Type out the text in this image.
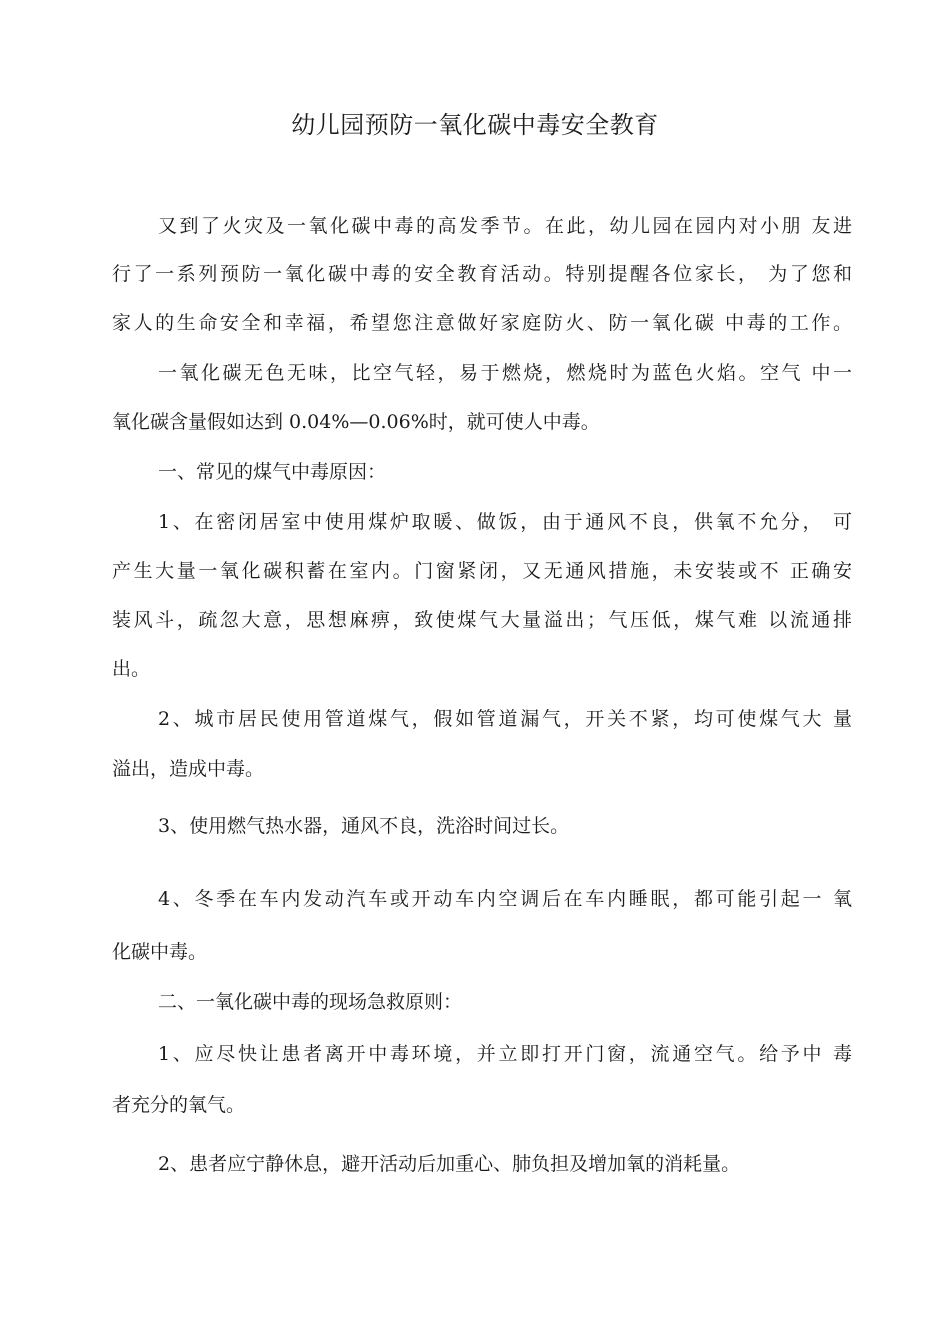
幼儿园预防一氧化碳中毒安全教育
又到了火灾及一氧化碳中毒的高发季节。在此，幼儿园在园内对小朋 友进
行了一系列预防一氧化碳中毒的安全教育活动。特别提醒各位家长， 为了您和
家人的生命安全和幸福，希望您注意做好家庭防火、防一氧化碳 中毒的工作。
一氧化碳无色无味，比空气轻，易于燃烧，燃烧时为蓝色火焰。空气 中一
氧化碳含量假如达到 0.04%—0.06%时，就可使人中毒。
一、常见的煤气中毒原因：
1、在密闭居室中使用煤炉取暖、做饭，由于通风不良，供氧不允分， 可
产生大量一氧化碳积蓄在室内。门窗紧闭，又无通风措施，未安装或不 正确安
装风斗，疏忽大意，思想麻痹，致使煤气大量溢出；气压低，煤气难 以流通排
出。
2、城市居民使用管道煤气，假如管道漏气，开关不紧，均可使煤气大 量
溢出，造成中毒。
3、使用燃气热水器，通风不良，洗浴时间过长。
4、冬季在车内发动汽车或开动车内空调后在车内睡眠，都可能引起一 氧
化碳中毒。
二、一氧化碳中毒的现场急救原则：
1、应尽快让患者离开中毒环境，并立即打开门窗，流通空气。给予中 毒
者充分的氧气。
2、患者应宁静休息，避开活动后加重心、肺负担及增加氧的消耗量。
